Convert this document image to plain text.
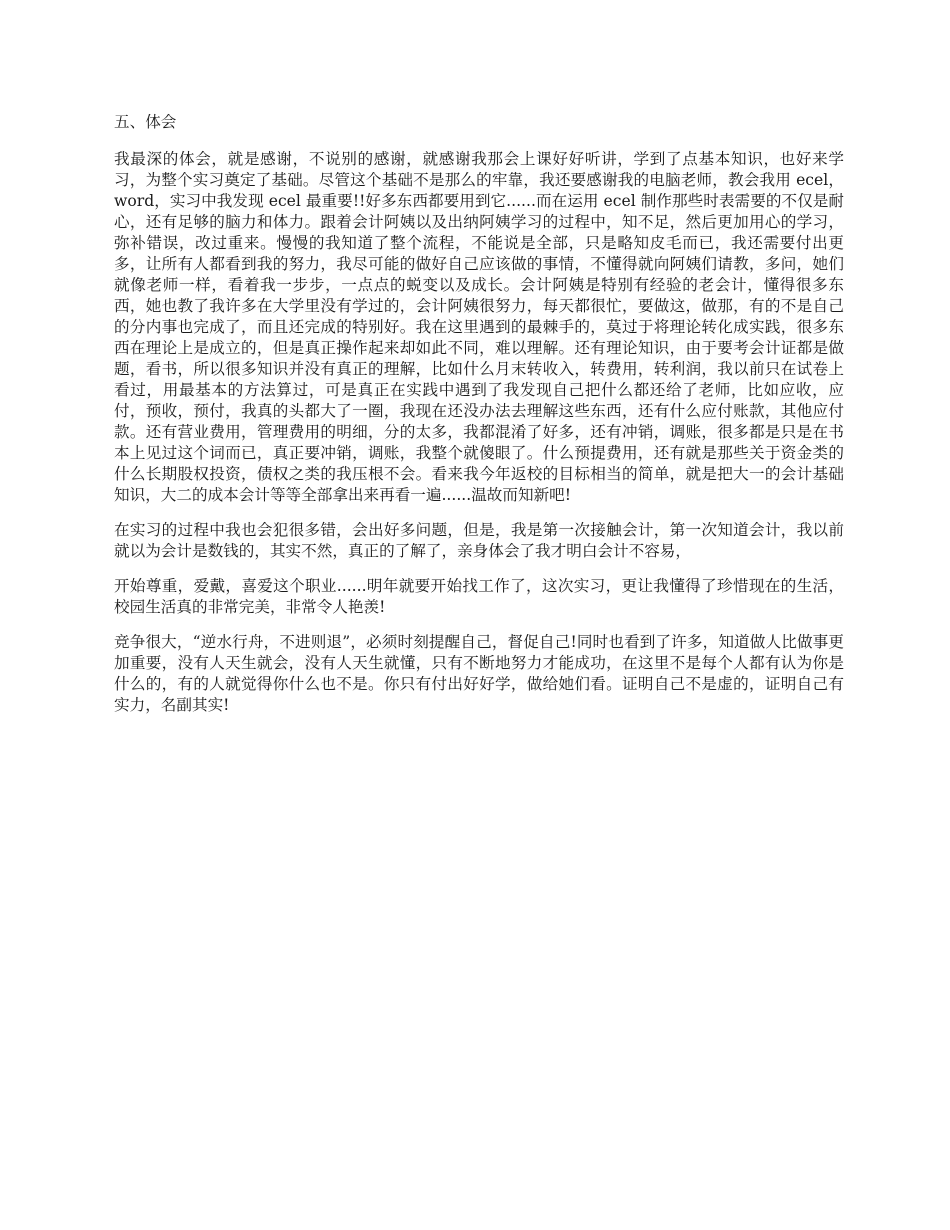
五、体会

我最深的体会，就是感谢，不说别的感谢，就感谢我那会上课好好听讲，学到了点基本知识，也好来学习，为整个实习奠定了基础。尽管这个基础不是那么的牢靠，我还要感谢我的电脑老师，教会我用 ecel，word，实习中我发现 ecel 最重要!!好多东西都要用到它......而在运用 ecel 制作那些时表需要的不仅是耐心，还有足够的脑力和体力。跟着会计阿姨以及出纳阿姨学习的过程中，知不足，然后更加用心的学习，弥补错误，改过重来。慢慢的我知道了整个流程，不能说是全部，只是略知皮毛而已，我还需要付出更多，让所有人都看到我的努力，我尽可能的做好自己应该做的事情，不懂得就向阿姨们请教，多问，她们就像老师一样，看着我一步步，一点点的蜕变以及成长。会计阿姨是特别有经验的老会计，懂得很多东西，她也教了我许多在大学里没有学过的，会计阿姨很努力，每天都很忙，要做这，做那，有的不是自己的分内事也完成了，而且还完成的特别好。我在这里遇到的最棘手的，莫过于将理论转化成实践，很多东西在理论上是成立的，但是真正操作起来却如此不同，难以理解。还有理论知识，由于要考会计证都是做题，看书，所以很多知识并没有真正的理解，比如什么月末转收入，转费用，转利润，我以前只在试卷上看过，用最基本的方法算过，可是真正在实践中遇到了我发现自己把什么都还给了老师，比如应收，应付，预收，预付，我真的头都大了一圈，我现在还没办法去理解这些东西，还有什么应付账款，其他应付款。还有营业费用，管理费用的明细，分的太多，我都混淆了好多，还有冲销，调账，很多都是只是在书本上见过这个词而已，真正要冲销，调账，我整个就傻眼了。什么预提费用，还有就是那些关于资金类的什么长期股权投资，债权之类的我压根不会。看来我今年返校的目标相当的简单，就是把大一的会计基础知识，大二的成本会计等等全部拿出来再看一遍......温故而知新吧!

在实习的过程中我也会犯很多错，会出好多问题，但是，我是第一次接触会计，第一次知道会计，我以前就以为会计是数钱的，其实不然，真正的了解了，亲身体会了我才明白会计不容易，

开始尊重，爱戴，喜爱这个职业......明年就要开始找工作了，这次实习，更让我懂得了珍惜现在的生活，校园生活真的非常完美，非常令人艳羡!

竞争很大，“逆水行舟，不进则退”，必须时刻提醒自己，督促自己!同时也看到了许多，知道做人比做事更加重要，没有人天生就会，没有人天生就懂，只有不断地努力才能成功，在这里不是每个人都有认为你是什么的，有的人就觉得你什么也不是。你只有付出好好学，做给她们看。证明自己不是虚的，证明自己有实力，名副其实!
